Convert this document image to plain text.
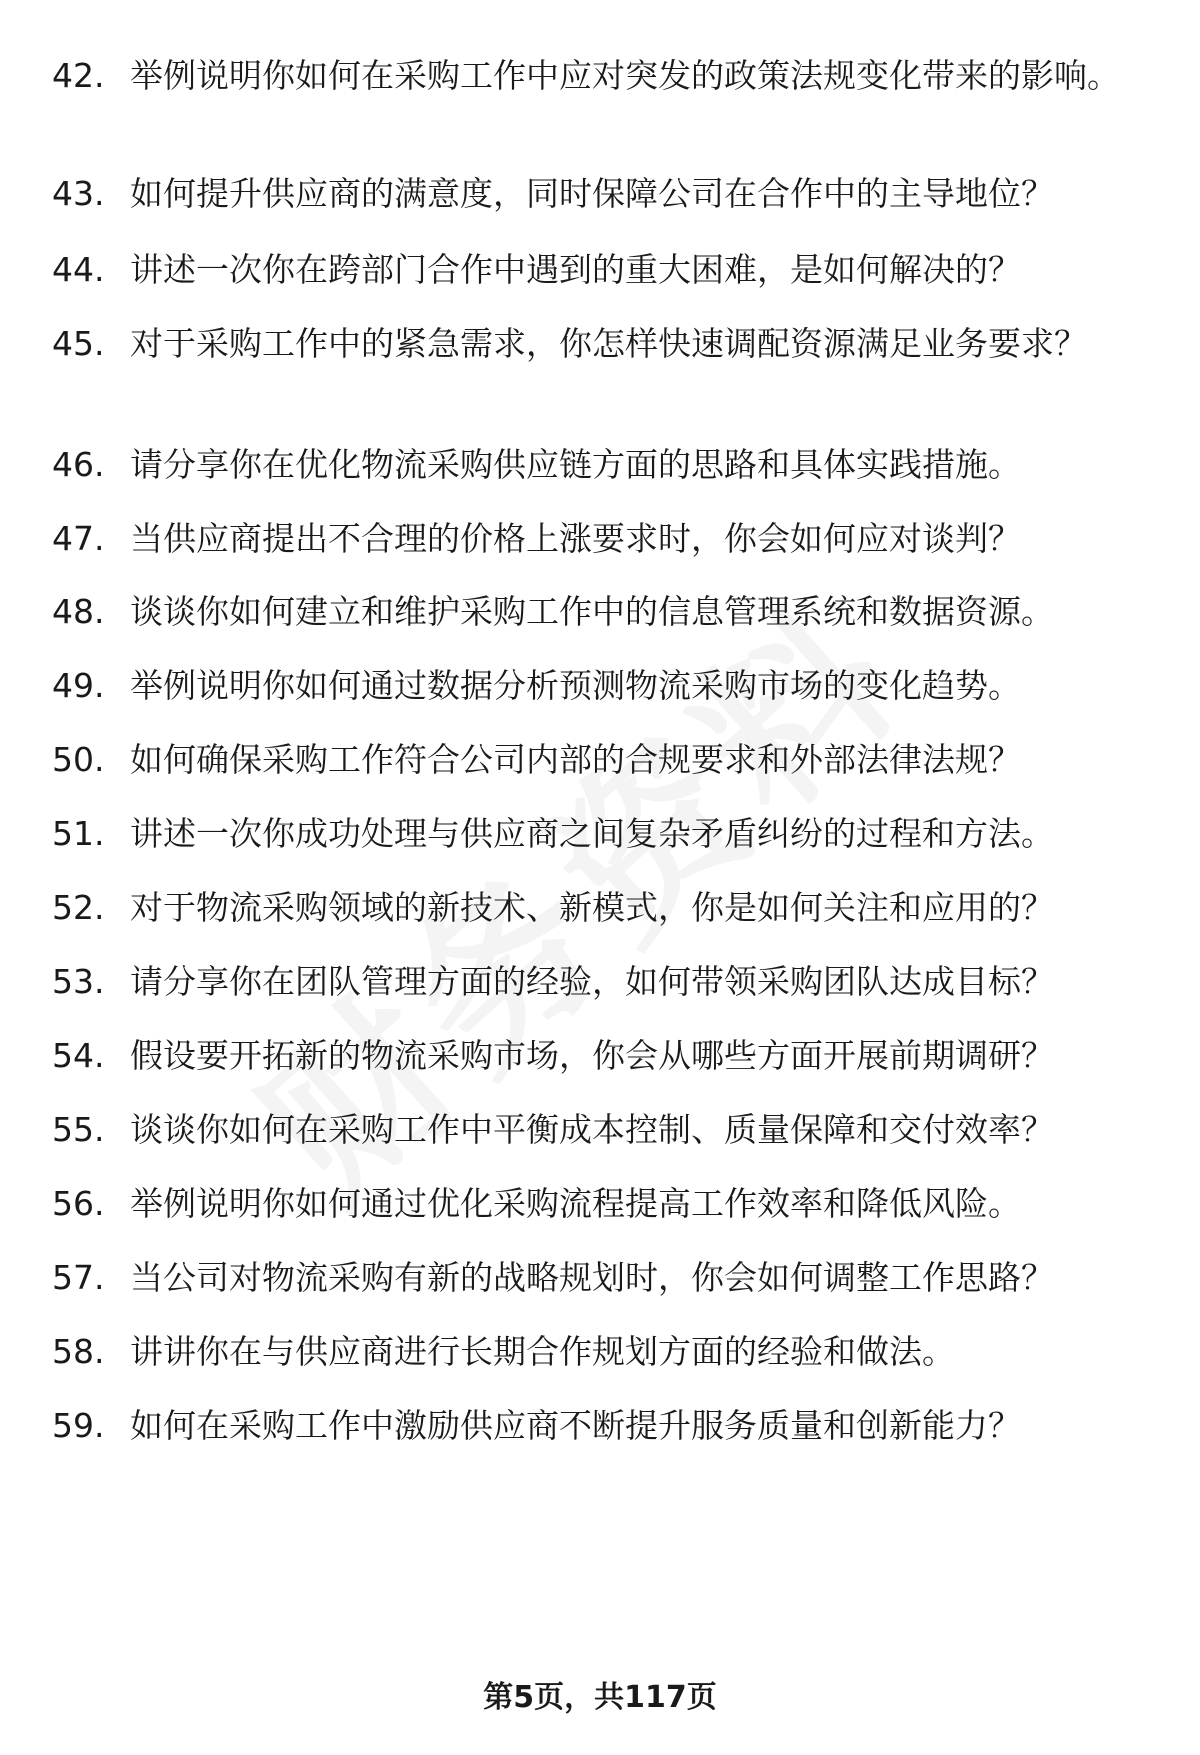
42. 举例说明你如何在采购工作中应对突发的政策法规变化带来的影响。
43. 如何提升供应商的满意度，同时保障公司在合作中的主导地位？
44. 讲述一次你在跨部门合作中遇到的重大困难，是如何解决的？
45. 对于采购工作中的紧急需求，你怎样快速调配资源满足业务要求？
46. 请分享你在优化物流采购供应链方面的思路和具体实践措施。
47. 当供应商提出不合理的价格上涨要求时，你会如何应对谈判？
48. 谈谈你如何建立和维护采购工作中的信息管理系统和数据资源。
49. 举例说明你如何通过数据分析预测物流采购市场的变化趋势。
50. 如何确保采购工作符合公司内部的合规要求和外部法律法规？
51. 讲述一次你成功处理与供应商之间复杂矛盾纠纷的过程和方法。
52. 对于物流采购领域的新技术、新模式，你是如何关注和应用的？
53. 请分享你在团队管理方面的经验，如何带领采购团队达成目标？
54. 假设要开拓新的物流采购市场，你会从哪些方面开展前期调研？
55. 谈谈你如何在采购工作中平衡成本控制、质量保障和交付效率？
56. 举例说明你如何通过优化采购流程提高工作效率和降低风险。
57. 当公司对物流采购有新的战略规划时，你会如何调整工作思路？
58. 讲讲你在与供应商进行长期合作规划方面的经验和做法。
59. 如何在采购工作中激励供应商不断提升服务质量和创新能力？
第5页，共117页
